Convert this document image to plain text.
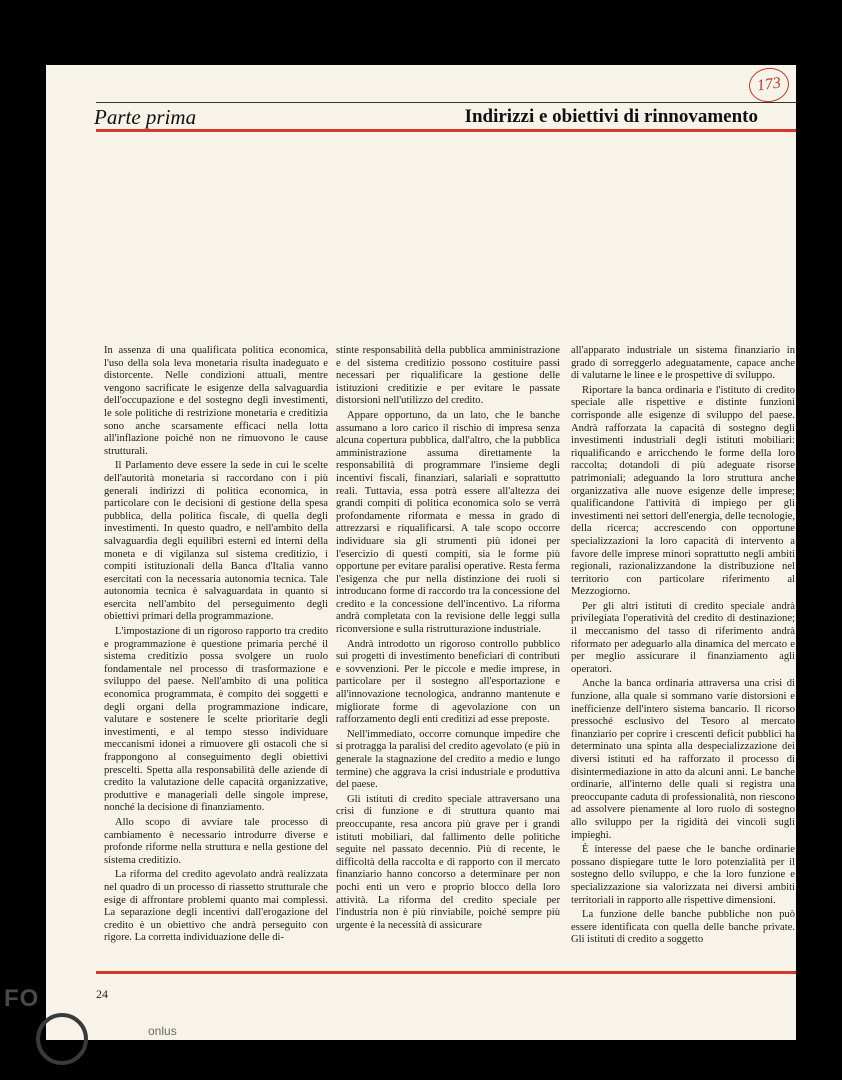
173
Parte prima	Indirizzi e obiettivi di rinnovamento

In assenza di una qualificata politica economica, l'uso della sola leva monetaria risulta inadeguato e distorcente. Nelle condizioni attuali, mentre vengono sacrificate le esigenze della salvaguardia dell'occupazione e del sostegno degli investimenti, le sole politiche di restrizione monetaria e creditizia sono anche scarsamente efficaci nella lotta all'inflazione poiché non ne rimuovono le cause strutturali.

Il Parlamento deve essere la sede in cui le scelte dell'autorità monetaria si raccordano con i più generali indirizzi di politica economica, in particolare con le decisioni di gestione della spesa pubblica, della politica fiscale, di quella degli investimenti. In questo quadro, e nell'ambito della salvaguardia degli equilibri esterni ed interni della moneta e di vigilanza sul sistema creditizio, i compiti istituzionali della Banca d'Italia vanno esercitati con la necessaria autonomia tecnica. Tale autonomia tecnica è salvaguardata in quanto si esercita nell'ambito del perseguimento degli obiettivi primari della programmazione.

L'impostazione di un rigoroso rapporto tra credito e programmazione è questione primaria perché il sistema creditizio possa svolgere un ruolo fondamentale nel processo di trasformazione e sviluppo del paese. Nell'ambito di una politica economica programmata, è compito dei soggetti e degli organi della programmazione indicare, valutare e sostenere le scelte prioritarie degli investimenti, e al tempo stesso individuare meccanismi idonei a rimuovere gli ostacoli che si frappongono al conseguimento degli obiettivi prescelti. Spetta alla responsabilità delle aziende di credito la valutazione delle capacità organizzative, produttive e manageriali delle singole imprese, nonché la decisione di finanziamento.

Allo scopo di avviare tale processo di cambiamento è necessario introdurre diverse e profonde riforme nella struttura e nella gestione del sistema creditizio.

La riforma del credito agevolato andrà realizzata nel quadro di un processo di riassetto strutturale che esige di affrontare problemi quanto mai complessi. La separazione degli incentivi dall'erogazione del credito è un obiettivo che andrà perseguito con rigore. La corretta individuazione delle di-

stinte responsabilità della pubblica amministrazione e del sistema creditizio possono costituire passi necessari per riqualificare la gestione delle istituzioni creditizie e per evitare le passate distorsioni nell'utilizzo del credito.

Appare opportuno, da un lato, che le banche assumano a loro carico il rischio di impresa senza alcuna copertura pubblica, dall'altro, che la pubblica amministrazione assuma direttamente la responsabilità di programmare l'insieme degli incentivi fiscali, finanziari, salariali e soprattutto reali. Tuttavia, essa potrà essere all'altezza dei grandi compiti di politica economica solo se verrà profondamente riformata e messa in grado di attrezzarsi e riqualificarsi. A tale scopo occorre individuare sia gli strumenti più idonei per l'esercizio di questi compiti, sia le forme più opportune per evitare paralisi operative. Resta ferma l'esigenza che pur nella distinzione dei ruoli si introducano forme di raccordo tra la concessione del credito e la concessione dell'incentivo. La riforma andrà completata con la revisione delle leggi sulla riconversione e sulla ristrutturazione industriale.

Andrà introdotto un rigoroso controllo pubblico sui progetti di investimento beneficiari di contributi e sovvenzioni. Per le piccole e medie imprese, in particolare per il sostegno all'esportazione e all'innovazione tecnologica, andranno mantenute e migliorate forme di agevolazione con un rafforzamento degli enti creditizi ad esse preposte.

Nell'immediato, occorre comunque impedire che si protragga la paralisi del credito agevolato (e più in generale la stagnazione del credito a medio e lungo termine) che aggrava la crisi industriale e produttiva del paese.

Gli istituti di credito speciale attraversano una crisi di funzione e di struttura quanto mai preoccupante, resa ancora più grave per i grandi istituti mobiliari, dal fallimento delle politiche seguite nel passato decennio. Più di recente, le difficoltà della raccolta e di rapporto con il mercato finanziario hanno concorso a determinare per non pochi enti un vero e proprio blocco della loro attività. La riforma del credito speciale per l'industria non è più rinviabile, poiché sempre più urgente è la necessità di assicurare

all'apparato industriale un sistema finanziario in grado di sorreggerlo adeguatamente, capace anche di valutarne le linee e le prospettive di sviluppo.

Riportare la banca ordinaria e l'istituto di credito speciale alle rispettive e distinte funzioni corrisponde alle esigenze di sviluppo del paese. Andrà rafforzata la capacità di sostegno degli investimenti industriali degli istituti mobiliari: riqualificando e arricchendo le forme della loro raccolta; dotandoli di più adeguate risorse patrimoniali; adeguando la loro struttura anche organizzativa alle nuove esigenze delle imprese; qualificandone l'attività di impiego per gli investimenti nei settori dell'energia, delle tecnologie, della ricerca; accrescendo con opportune specializzazioni la loro capacità di intervento a favore delle imprese minori soprattutto negli ambiti regionali, razionalizzandone la distribuzione nel territorio con particolare riferimento al Mezzogiorno.

Per gli altri istituti di credito speciale andrà privilegiata l'operatività del credito di destinazione; il meccanismo del tasso di riferimento andrà riformato per adeguarlo alla dinamica del mercato e per meglio assicurare il finanziamento agli operatori.

Anche la banca ordinaria attraversa una crisi di funzione, alla quale si sommano varie distorsioni e inefficienze dell'intero sistema bancario. Il ricorso pressoché esclusivo del Tesoro al mercato finanziario per coprire i crescenti deficit pubblici ha determinato una spinta alla despecializzazione dei diversi istituti ed ha rafforzato il processo di disintermediazione in atto da alcuni anni. Le banche ordinarie, all'interno delle quali si registra una preoccupante caduta di professionalità, non riescono ad assolvere pienamente al loro ruolo di sostegno allo sviluppo per la rigidità dei vincoli sugli impieghi.

È interesse del paese che le banche ordinarie possano dispiegare tutte le loro potenzialità per il sostegno dello sviluppo, e che la loro funzione e specializzazione sia valorizzata nei diversi ambiti territoriali in rapporto alle rispettive dimensioni.

La funzione delle banche pubbliche non può essere identificata con quella delle banche private. Gli istituti di credito a soggetto

24
FO
onlus
